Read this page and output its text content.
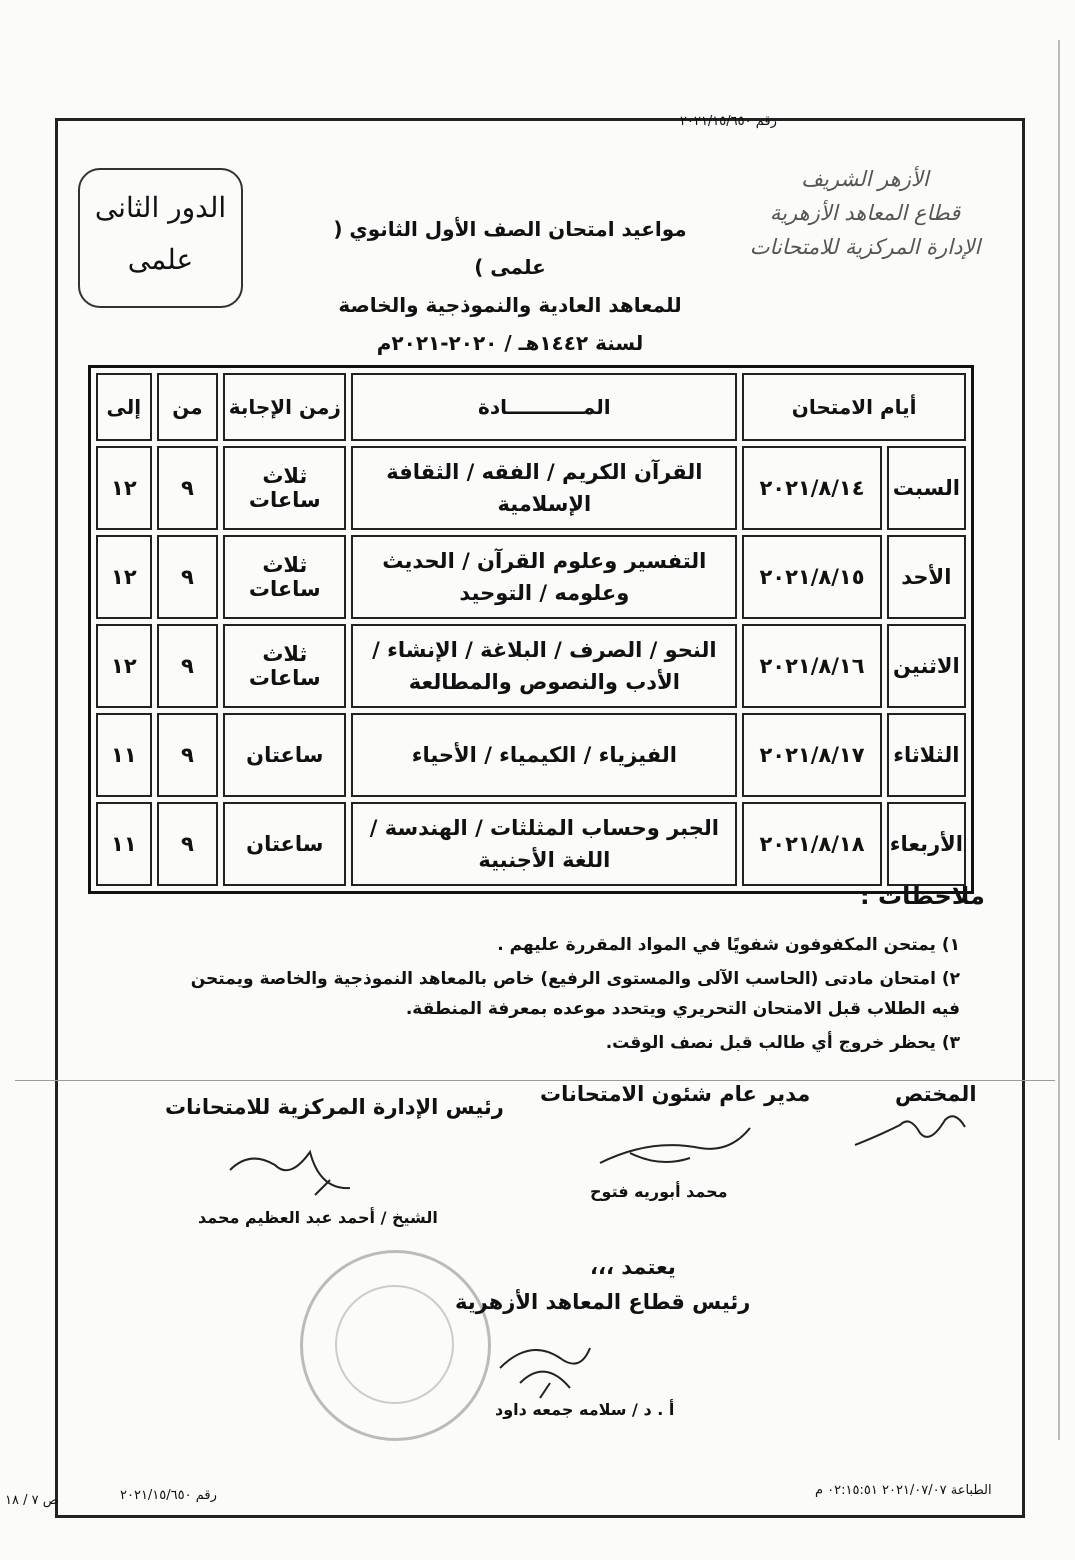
رقم ٢٠٢١/١٥/٦٥٠
الأزهر الشريف
قطاع المعاهد الأزهرية
الإدارة المركزية للامتحانات
الدور الثانى
علمى
مواعيد امتحان الصف الأول الثانوي ( علمى )
للمعاهد العادية والنموذجية والخاصة
لسنة ١٤٤٢هـ / ٢٠٢٠-٢٠٢١م
أيام الامتحان		المـــــــــــادة	زمن الإجابة	من	إلى
السبت	٢٠٢١/٨/١٤	القرآن الكريم / الفقه / الثقافة الإسلامية	ثلاث ساعات	٩	١٢
الأحد	٢٠٢١/٨/١٥	التفسير وعلوم القرآن / الحديث وعلومه / التوحيد	ثلاث ساعات	٩	١٢
الاثنين	٢٠٢١/٨/١٦	النحو / الصرف / البلاغة / الإنشاء / الأدب والنصوص والمطالعة	ثلاث ساعات	٩	١٢
الثلاثاء	٢٠٢١/٨/١٧	الفيزياء / الكيمياء / الأحياء	ساعتان	٩	١١
الأربعاء	٢٠٢١/٨/١٨	الجبر وحساب المثلثات / الهندسة / اللغة الأجنبية	ساعتان	٩	١١
ملاحظات :
١) يمتحن المكفوفون شفويًا في المواد المقررة عليهم .
٢) امتحان مادتى (الحاسب الآلى والمستوى الرفيع) خاص بالمعاهد النموذجية والخاصة ويمتحن فيه الطلاب قبل الامتحان التحريري ويتحدد موعده بمعرفة المنطقة.
٣) يحظر خروج أي طالب قبل نصف الوقت.
المختص
مدير عام شئون الامتحانات
محمد أبوريه فتوح
رئيس الإدارة المركزية للامتحانات
الشيخ / أحمد عبد العظيم محمد
يعتمد ،،،
رئيس قطاع المعاهد الأزهرية
أ . د / سلامه جمعه داود
الطباعة ٢٠٢١/٠٧/٠٧ ٠٢:١٥:٥١ م
رقم ٢٠٢١/١٥/٦٥٠
ص ٧ / ١٨
